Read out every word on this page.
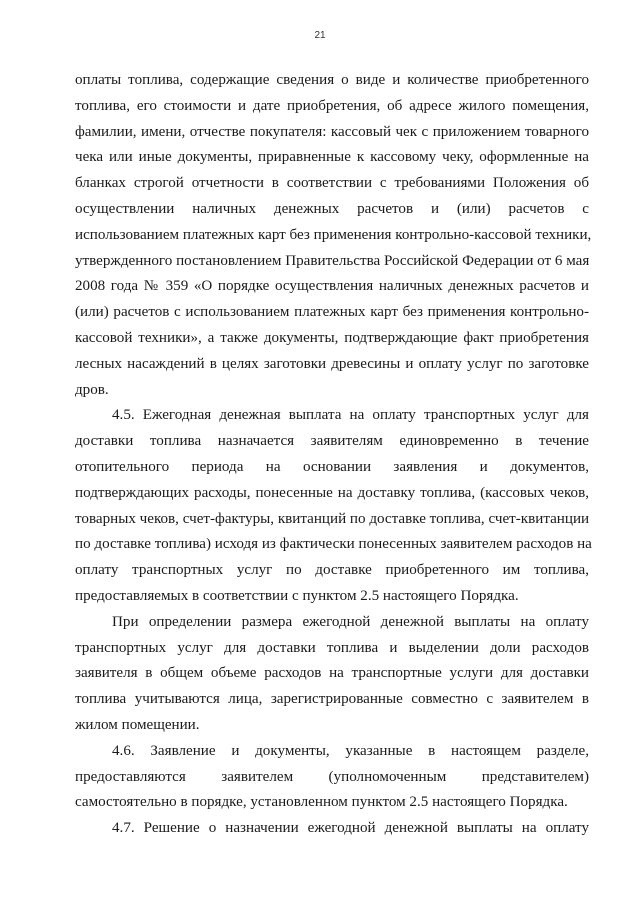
21
оплаты топлива, содержащие сведения о виде и количестве приобретенного
топлива, его стоимости и дате приобретения, об адресе жилого помещения,
фамилии, имени, отчестве покупателя: кассовый чек с приложением товарного
чека или иные документы, приравненные к кассовому чеку, оформленные на
бланках строгой отчетности в соответствии с требованиями Положения об
осуществлении наличных денежных расчетов и (или) расчетов с
использованием платежных карт без применения контрольно-кассовой техники,
утвержденного постановлением Правительства Российской Федерации от 6 мая
2008 года № 359 «О порядке осуществления наличных денежных расчетов и
(или) расчетов с использованием платежных карт без применения контрольно-
кассовой техники», а также документы, подтверждающие факт приобретения
лесных насаждений в целях заготовки древесины и оплату услуг по заготовке
дров.
4.5. Ежегодная денежная выплата на оплату транспортных услуг для
доставки топлива назначается заявителям единовременно в течение
отопительного периода на основании заявления и документов,
подтверждающих расходы, понесенные на доставку топлива, (кассовых чеков,
товарных чеков, счет-фактуры, квитанций по доставке топлива, счет-квитанции
по доставке топлива) исходя из фактически понесенных заявителем расходов на
оплату транспортных услуг по доставке приобретенного им топлива,
предоставляемых в соответствии с пунктом 2.5 настоящего Порядка.
При определении размера ежегодной денежной выплаты на оплату
транспортных услуг для доставки топлива и выделении доли расходов
заявителя в общем объеме расходов на транспортные услуги для доставки
топлива учитываются лица, зарегистрированные совместно с заявителем в
жилом помещении.
4.6. Заявление и документы, указанные в настоящем разделе,
предоставляются заявителем (уполномоченным представителем)
самостоятельно в порядке, установленном пунктом 2.5 настоящего Порядка.
4.7. Решение о назначении ежегодной денежной выплаты на оплату
